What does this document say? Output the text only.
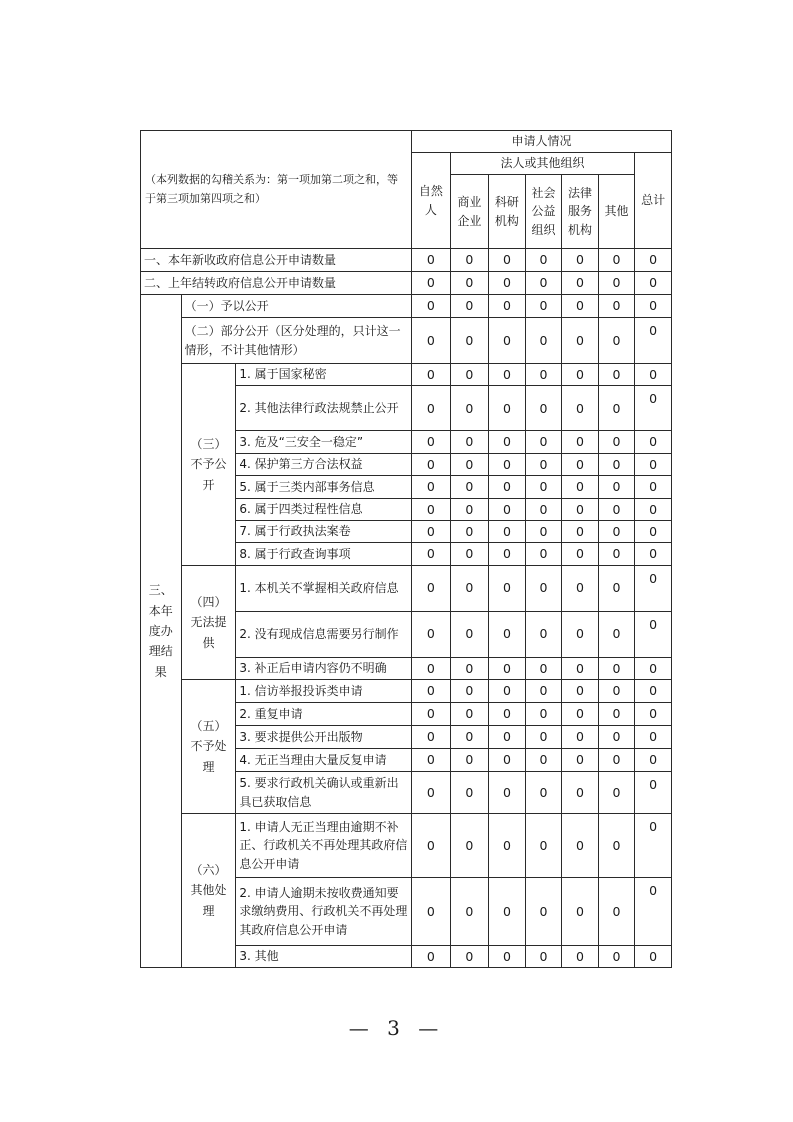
（本列数据的勾稽关系为：第一项加第二项之和，等于第三项加第四项之和）			申请人情况						
			自然人	法人或其他组织					总计
				商业企业	科研机构	社会公益组织	法律服务机构	其他	
一、本年新收政府信息公开申请数量			0	0	0	0	0	0	0
二、上年结转政府信息公开申请数量			0	0	0	0	0	0	0
三、本年度办理结果	（一）予以公开		0	0	0	0	0	0	0
	（二）部分公开（区分处理的，只计这一情形，不计其他情形）		0	0	0	0	0	0	0
	（三）不予公开	1. 属于国家秘密	0	0	0	0	0	0	0
		2. 其他法律行政法规禁止公开	0	0	0	0	0	0	0
		3. 危及“三安全一稳定”	0	0	0	0	0	0	0
		4. 保护第三方合法权益	0	0	0	0	0	0	0
		5. 属于三类内部事务信息	0	0	0	0	0	0	0
		6. 属于四类过程性信息	0	0	0	0	0	0	0
		7. 属于行政执法案卷	0	0	0	0	0	0	0
		8. 属于行政查询事项	0	0	0	0	0	0	0
	（四）无法提供	1. 本机关不掌握相关政府信息	0	0	0	0	0	0	0
		2. 没有现成信息需要另行制作	0	0	0	0	0	0	0
		3. 补正后申请内容仍不明确	0	0	0	0	0	0	0
	（五）不予处理	1. 信访举报投诉类申请	0	0	0	0	0	0	0
		2. 重复申请	0	0	0	0	0	0	0
		3. 要求提供公开出版物	0	0	0	0	0	0	0
		4. 无正当理由大量反复申请	0	0	0	0	0	0	0
		5. 要求行政机关确认或重新出具已获取信息	0	0	0	0	0	0	0
	（六）其他处理	1. 申请人无正当理由逾期不补正、行政机关不再处理其政府信息公开申请	0	0	0	0	0	0	0
		2. 申请人逾期未按收费通知要求缴纳费用、行政机关不再处理其政府信息公开申请	0	0	0	0	0	0	0
		3. 其他	0	0	0	0	0	0	0
— 3 —
